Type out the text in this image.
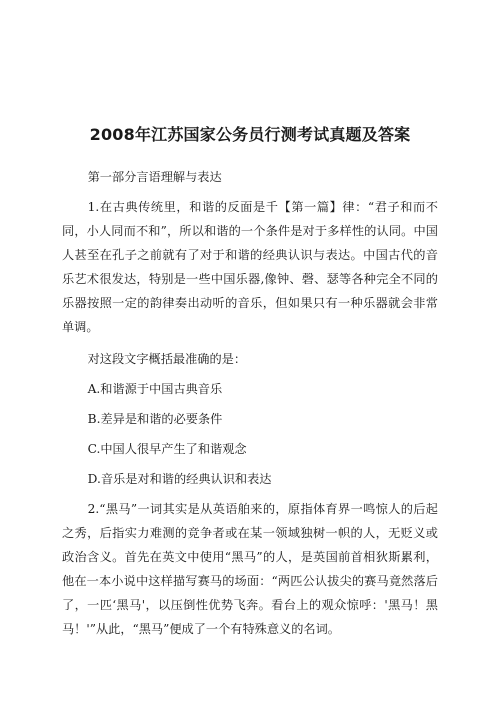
2008年江苏国家公务员行测考试真题及答案

第一部分言语理解与表达

1.在古典传统里，和谐的反面是千【第一篇】律：“君子和而不同，小人同而不和”，所以和谐的一个条件是对于多样性的认同。中国人甚至在孔子之前就有了对于和谐的经典认识与表达。中国古代的音乐艺术很发达，特别是一些中国乐器,像钟、磬、瑟等各种完全不同的乐器按照一定的韵律奏出动听的音乐，但如果只有一种乐器就会非常单调。

对这段文字概括最准确的是：

A.和谐源于中国古典音乐

B.差异是和谐的必要条件

C.中国人很早产生了和谐观念

D.音乐是对和谐的经典认识和表达

2.“黑马”一词其实是从英语舶来的，原指体育界一鸣惊人的后起之秀，后指实力难测的竞争者或在某一领域独树一帜的人，无贬义或政治含义。首先在英文中使用“黑马”的人，是英国前首相狄斯累利，他在一本小说中这样描写赛马的场面：“两匹公认拔尖的赛马竟然落后了，一匹‘黑马'，以压倒性优势飞奔。看台上的观众惊呼：'黑马！黑马！'”从此，“黑马”便成了一个有特殊意义的名词。
